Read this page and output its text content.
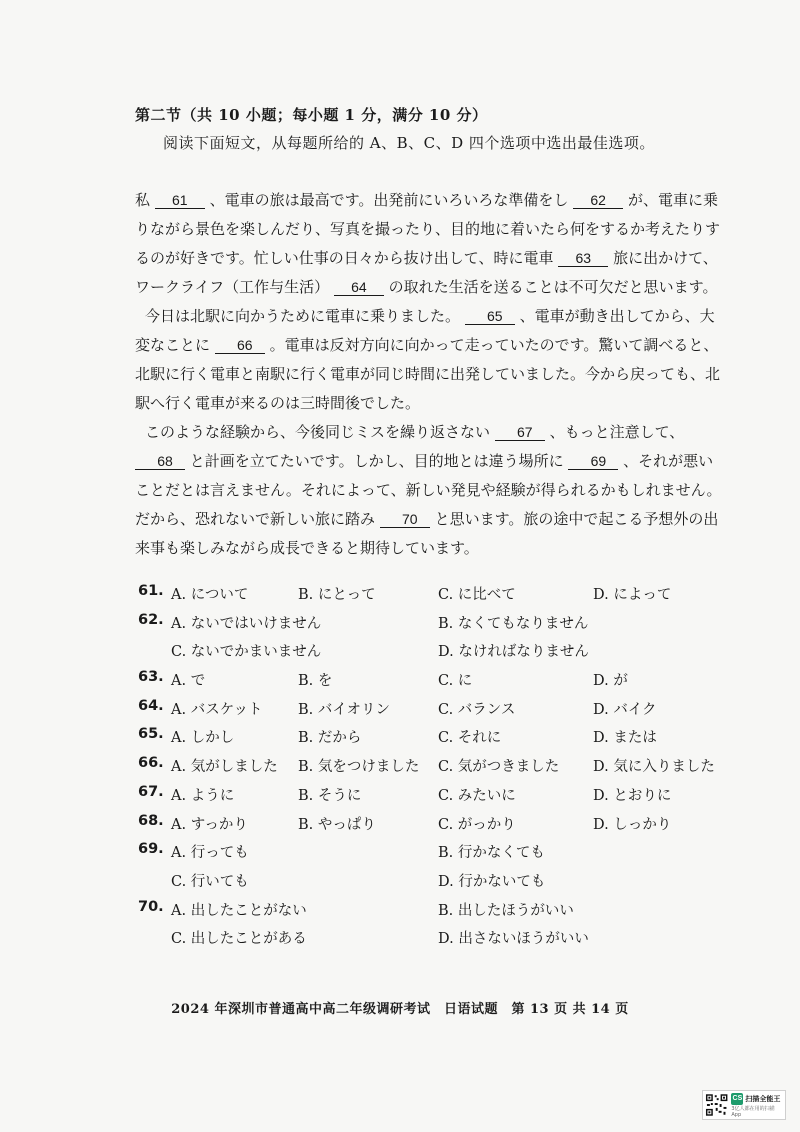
第二节（共 10 小题；每小题 1 分，满分 10 分）
阅读下面短文，从每题所给的 A、B、C、D 四个选项中选出最佳选项。

私 61 、電車の旅は最高です。出発前にいろいろな準備をし 62 が、電車に乗りながら景色を楽しんだり、写真を撮ったり、目的地に着いたら何をするか考えたりするのが好きです。忙しい仕事の日々から抜け出して、時に電車 63 旅に出かけて、ワークライフ（工作与生活） 64 の取れた生活を送ることは不可欠だと思います。

今日は北駅に向かうために電車に乗りました。 65 、電車が動き出してから、大変なことに 66 。電車は反対方向に向かって走っていたのです。驚いて調べると、北駅に行く電車と南駅に行く電車が同じ時間に出発していました。今から戻っても、北駅へ行く電車が来るのは三時間後でした。

このような経験から、今後同じミスを繰り返さない 67 、もっと注意して、 68 と計画を立てたいです。しかし、目的地とは違う場所に 69 、それが悪いことだとは言えません。それによって、新しい発見や経験が得られるかもしれません。だから、恐れないで新しい旅に踏み 70 と思います。旅の途中で起こる予想外の出来事も楽しみながら成長できると期待しています。

61. A. について	B. にとって	C. に比べて	D. によって
62. A. ないではいけません	B. なくてもなりません
C. ないでかまいません	D. なければなりません
63. A. で	B. を	C. に	D. が
64. A. バスケット B. バイオリン	C. バランス	D. バイク
65. A. しかし	B. だから	C. それに	D. または
66. A. 気がしました B. 気をつけました C. 気がつきました D. 気に入りました
67. A. ように	B. そうに	C. みたいに	D. とおりに
68. A. すっかり	B. やっぱり	C. がっかり	D. しっかり
69. A. 行っても	B. 行かなくても
C. 行いても	D. 行かないても
70. A. 出したことがない	B. 出したほうがいい
C. 出したことがある	D. 出さないほうがいい
2024 年深圳市普通高中高二年级调研考试　日语试题　第 13 页 共 14 页
CS 扫描全能王
3亿人都在用的扫描App
